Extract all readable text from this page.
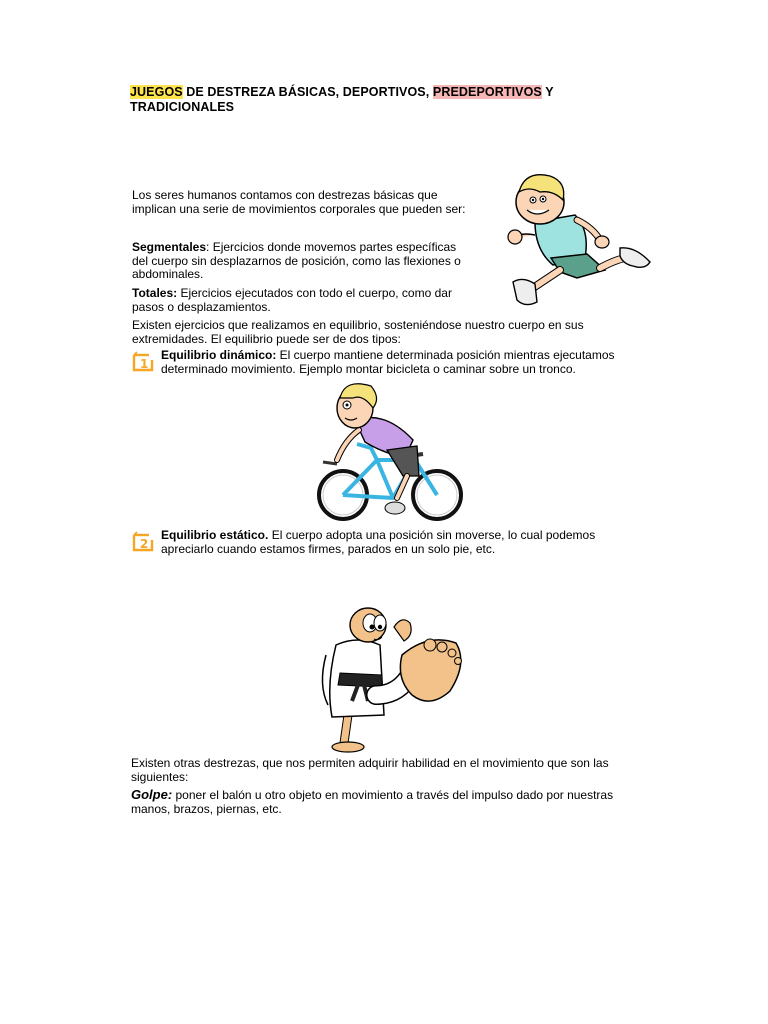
JUEGOS DE DESTREZA BÁSICAS, DEPORTIVOS, PREDEPORTIVOS Y
TRADICIONALES
Los seres humanos contamos con destrezas básicas que
implican una serie de movimientos corporales que pueden ser:
Segmentales: Ejercicios donde movemos partes específicas
del cuerpo sin desplazarnos de posición, como las flexiones o
abdominales.
Totales: Ejercicios ejecutados con todo el cuerpo, como dar
pasos o desplazamientos.
Existen ejercicios que realizamos en equilibrio, sosteniéndose nuestro cuerpo en sus
extremidades. El equilibrio puede ser de dos tipos:
1
Equilibrio dinámico: El cuerpo mantiene determinada posición mientras ejecutamos
determinado movimiento. Ejemplo montar bicicleta o caminar sobre un tronco.
2
Equilibrio estático. El cuerpo adopta una posición sin moverse, lo cual podemos
apreciarlo cuando estamos firmes, parados en un solo pie, etc.
Existen otras destrezas, que nos permiten adquirir habilidad en el movimiento que son las
siguientes:
Golpe: poner el balón u otro objeto en movimiento a través del impulso dado por nuestras
manos, brazos, piernas, etc.
